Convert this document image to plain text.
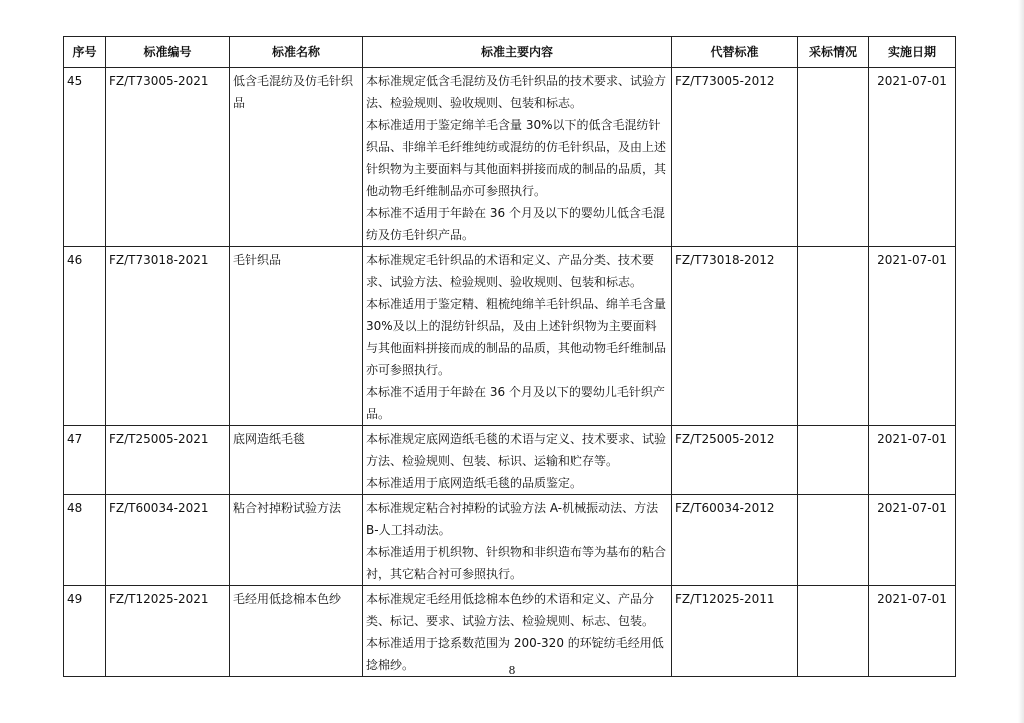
序号	标准编号	标准名称	标准主要内容	代替标准	采标情况	实施日期
45	FZ/T73005-2021	低含毛混纺及仿毛针织品	本标准规定低含毛混纺及仿毛针织品的技术要求、试验方法、检验规则、验收规则、包装和标志。
本标准适用于鉴定绵羊毛含量 30%以下的低含毛混纺针织品、非绵羊毛纤维纯纺或混纺的仿毛针织品，及由上述针织物为主要面料与其他面料拼接而成的制品的品质，其他动物毛纤维制品亦可参照执行。
本标准不适用于年龄在 36 个月及以下的婴幼儿低含毛混纺及仿毛针织产品。	FZ/T73005-2012		2021-07-01
46	FZ/T73018-2021	毛针织品	本标准规定毛针织品的术语和定义、产品分类、技术要求、试验方法、检验规则、验收规则、包装和标志。
本标准适用于鉴定精、粗梳纯绵羊毛针织品、绵羊毛含量 30%及以上的混纺针织品，及由上述针织物为主要面料与其他面料拼接而成的制品的品质，其他动物毛纤维制品亦可参照执行。
本标准不适用于年龄在 36 个月及以下的婴幼儿毛针织产品。	FZ/T73018-2012		2021-07-01
47	FZ/T25005-2021	底网造纸毛毯	本标准规定底网造纸毛毯的术语与定义、技术要求、试验方法、检验规则、包装、标识、运输和贮存等。
本标准适用于底网造纸毛毯的品质鉴定。	FZ/T25005-2012		2021-07-01
48	FZ/T60034-2021	粘合衬掉粉试验方法	本标准规定粘合衬掉粉的试验方法 A-机械振动法、方法 B-人工抖动法。
本标准适用于机织物、针织物和非织造布等为基布的粘合衬，其它粘合衬可参照执行。	FZ/T60034-2012		2021-07-01
49	FZ/T12025-2021	毛经用低捻棉本色纱	本标准规定毛经用低捻棉本色纱的术语和定义、产品分类、标记、要求、试验方法、检验规则、标志、包装。
本标准适用于捻系数范围为 200-320 的环锭纺毛经用低捻棉纱。	FZ/T12025-2011		2021-07-01
8
